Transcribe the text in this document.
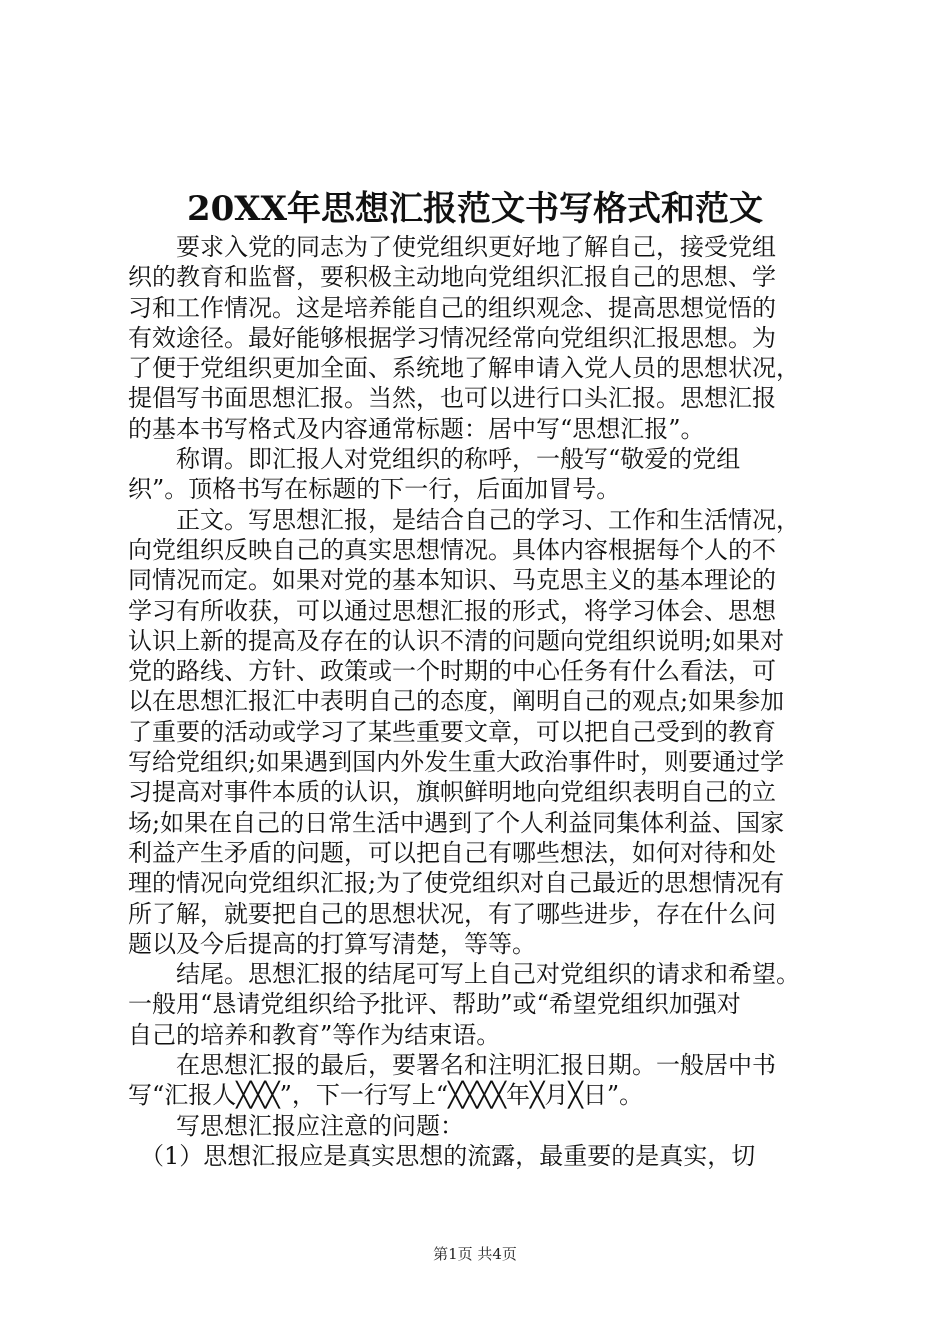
20XX年思想汇报范文书写格式和范文
　　要求入党的同志为了使党组织更好地了解自己，接受党组
织的教育和监督，要积极主动地向党组织汇报自己的思想、学
习和工作情况。这是培养能自己的组织观念、提高思想觉悟的
有效途径。最好能够根据学习情况经常向党组织汇报思想。为
了便于党组织更加全面、系统地了解申请入党人员的思想状况，
提倡写书面思想汇报。当然，也可以进行口头汇报。思想汇报
的基本书写格式及内容通常标题：居中写“思想汇报”。
　　称谓。即汇报人对党组织的称呼，一般写“敬爱的党组
织”。顶格书写在标题的下一行，后面加冒号。
　　正文。写思想汇报，是结合自己的学习、工作和生活情况，
向党组织反映自己的真实思想情况。具体内容根据每个人的不
同情况而定。如果对党的基本知识、马克思主义的基本理论的
学习有所收获，可以通过思想汇报的形式，将学习体会、思想
认识上新的提高及存在的认识不清的问题向党组织说明;如果对
党的路线、方针、政策或一个时期的中心任务有什么看法，可
以在思想汇报汇中表明自己的态度，阐明自己的观点;如果参加
了重要的活动或学习了某些重要文章，可以把自己受到的教育
写给党组织;如果遇到国内外发生重大政治事件时，则要通过学
习提高对事件本质的认识，旗帜鲜明地向党组织表明自己的立
场;如果在自己的日常生活中遇到了个人利益同集体利益、国家
利益产生矛盾的问题，可以把自己有哪些想法，如何对待和处
理的情况向党组织汇报;为了使党组织对自己最近的思想情况有
所了解，就要把自己的思想状况，有了哪些进步，存在什么问
题以及今后提高的打算写清楚，等等。
　　结尾。思想汇报的结尾可写上自己对党组织的请求和希望。
一般用“恳请党组织给予批评、帮助”或“希望党组织加强对
自己的培养和教育”等作为结束语。
　　在思想汇报的最后，要署名和注明汇报日期。一般居中书
写“汇报人╳╳╳”，下一行写上“╳╳╳╳年╳月╳日”。
　　写思想汇报应注意的问题：
　（1）思想汇报应是真实思想的流露，最重要的是真实，切
第1页 共4页
